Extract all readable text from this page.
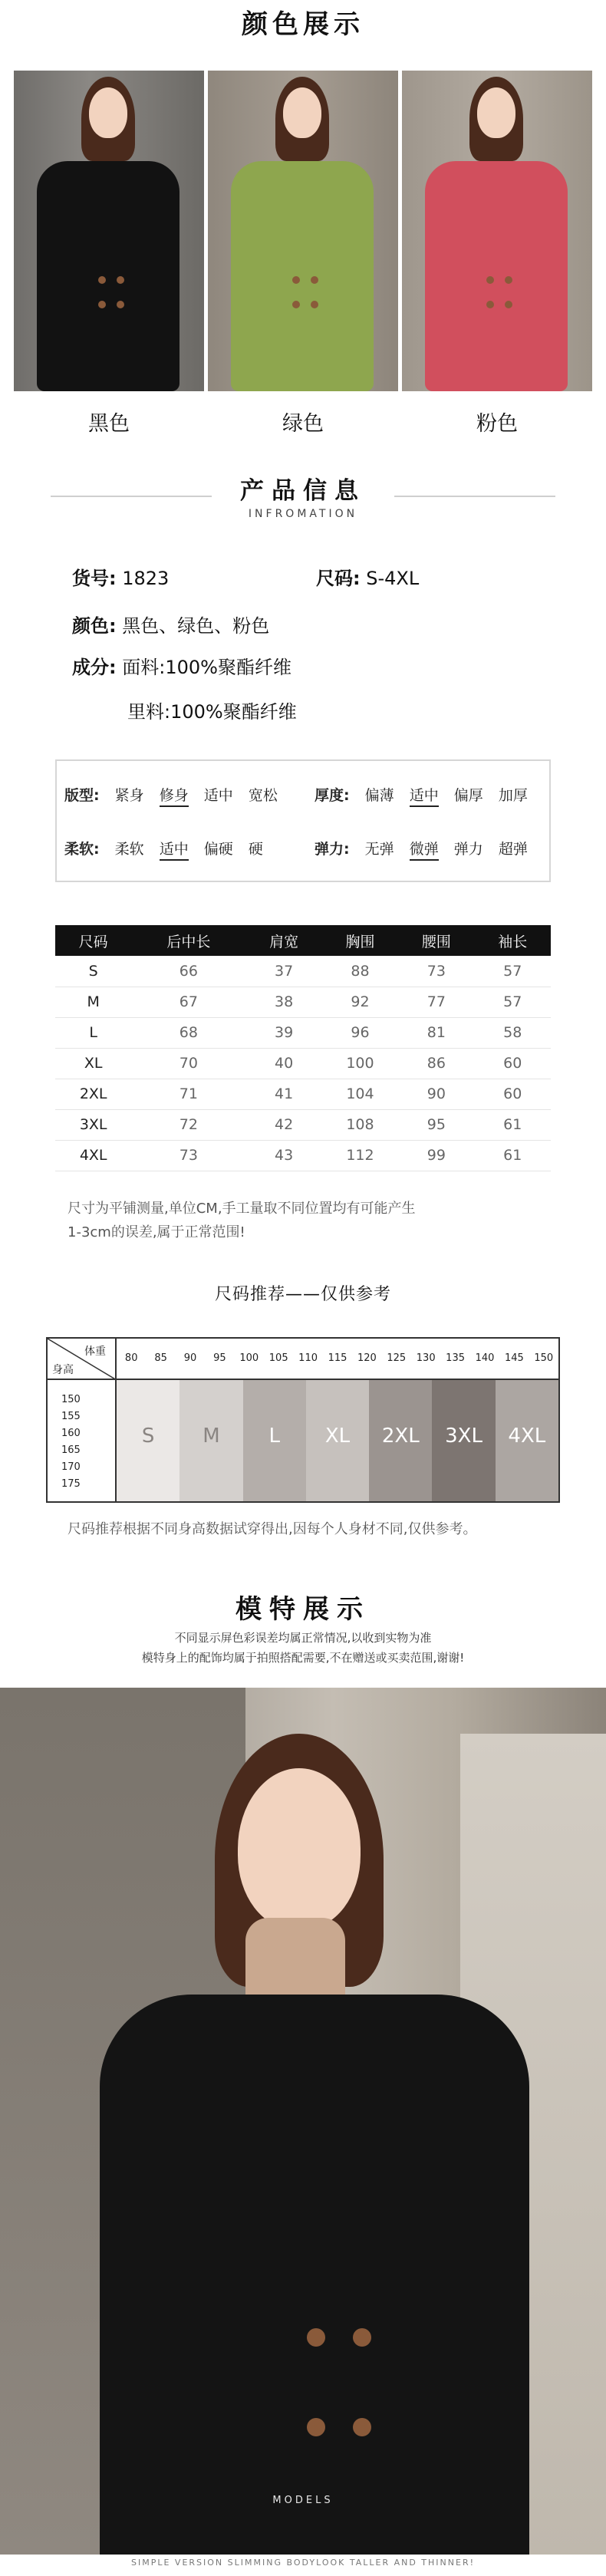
颜色展示
黑色	绿色	粉色
产品信息
INFROMATION
货号: 1823	尺码: S-4XL
颜色: 黑色、绿色、粉色
成分: 面料:100%聚酯纤维
里料:100%聚酯纤维
版型: 紧身 修身 适中 宽松	厚度: 偏薄 适中 偏厚 加厚
柔软: 柔软 适中 偏硬 硬	弹力: 无弹 微弹 弹力 超弹
尺码	后中长	肩宽	胸围	腰围	袖长
S	66	37	88	73	57
M	67	38	92	77	57
L	68	39	96	81	58
XL	70	40	100	86	60
2XL	71	41	104	90	60
3XL	72	42	108	95	61
4XL	73	43	112	99	61
尺寸为平铺测量,单位CM,手工量取不同位置均有可能产生
1-3cm的误差,属于正常范围!
尺码推荐——仅供参考
体重
身高
80	85	90	95	100	105	110	115	120	125	130	135	140	145	150
150
155
160
165
170
175
S	M	L	XL	2XL	3XL	4XL
尺码推荐根据不同身高数据试穿得出,因每个人身材不同,仅供参考。
模特展示
不同显示屏色彩误差均属正常情况,以收到实物为准
模特身上的配饰均属于拍照搭配需要,不在赠送或买卖范围,谢谢!
MODELS
SIMPLE VERSION SLIMMING BODYLOOK TALLER AND THINNER!
